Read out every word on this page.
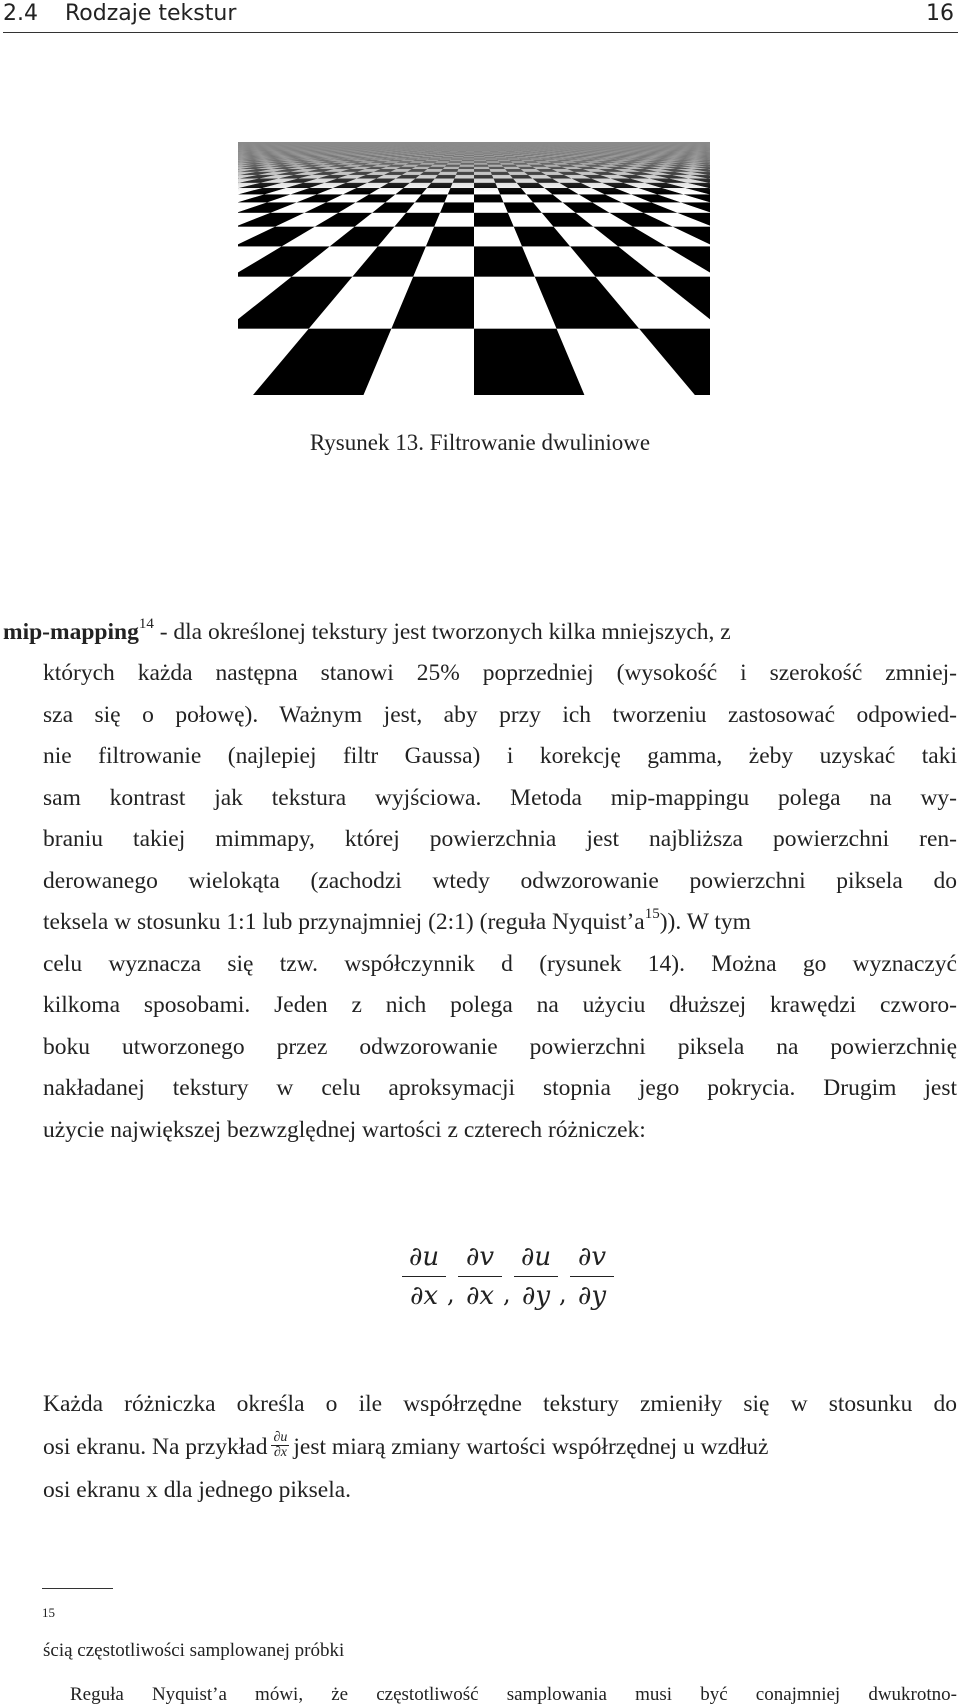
2.4 Rodzaje tekstur	16
Rysunek 13. Filtrowanie dwuliniowe
mip-mapping$^{14}$ - dla określonej tekstury jest tworzonych kilka mniejszych, z
których każda następna stanowi 25% poprzedniej (wysokość i szerokość zmniej-
sza się o połowę). Ważnym jest, aby przy ich tworzeniu zastosować odpowied-
nie filtrowanie (najlepiej filtr Gaussa) i korekcję gamma, żeby uzyskać taki
sam kontrast jak tekstura wyjściowa. Metoda mip-mappingu polega na wy-
braniu takiej mimmapy, której powierzchnia jest najbliższa powierzchni ren-
derowanego wielokąta (zachodzi wtedy odwzorowanie powierzchni piksela do
teksela w stosunku 1:1 lub przynajmniej (2:1) (reguła $Nyquist’a^{15}$)). W tym
celu wyznacza się tzw. współczynnik d (rysunek 14). Można go wyznaczyć
kilkoma sposobami. Jeden z nich polega na użyciu dłuższej krawędzi czworo-
boku utworzonego przez odwzorowanie powierzchni piksela na powierzchnię
nakładanej tekstury w celu aproksymacji stopnia jego pokrycia. Drugim jest
użycie największej bezwzględnej wartości z czterech różniczek:
∂u
∂x ,
∂v
∂x ,
∂u
∂y ,
∂v
∂y
Każda różniczka określa o ile współrzędne tekstury zmieniły się w stosunku do
osi ekranu. Na przykład $\frac{\partial u}{\partial x}$ jest miarą zmiany wartości współrzędnej u wzdłuż
osi ekranu x dla jednego piksela.

15

Reguła Nyquist’a mówi, że częstotliwość samplowania musi być conajmniej dwukrotno-

ścią częstotliwości samplowanej próbki
